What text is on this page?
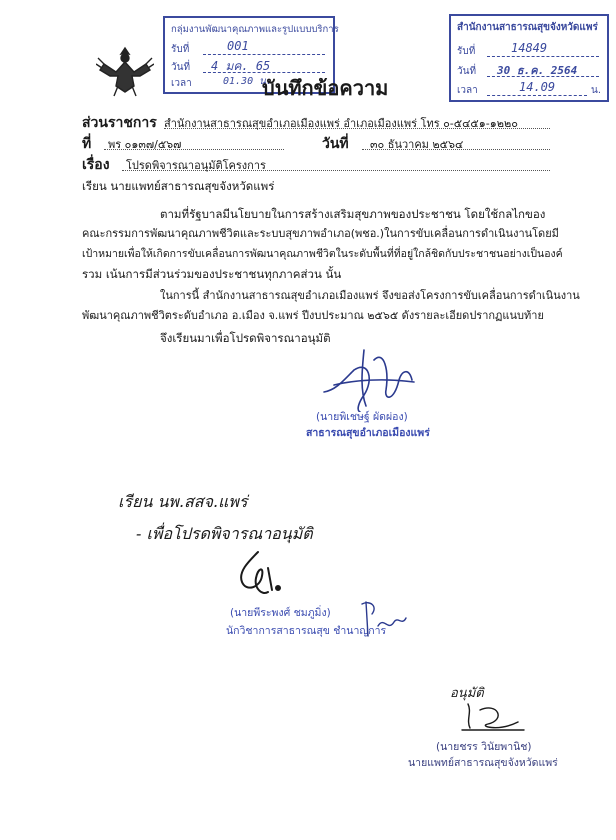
กลุ่มงานพัฒนาคุณภาพและรูปแบบบริการ
รับที่	001
วันที่ 4 มค. 65
เวลา	01.30 น.
สำนักงานสาธารณสุขจังหวัดแพร่
รับที่	14849
วันที่ 30 ธ.ค. 2564
เวลา	14.09	น.
บันทึกข้อความ
ส่วนราชการ สำนักงานสาธารณสุขอำเภอเมืองแพร่ อำเภอเมืองแพร่ โทร ๐-๕๔๕๑-๑๒๒๐
ที่ พร ๐๑๓๗/๕๖๗	วันที่ ๓๐ ธันวาคม ๒๕๖๔
เรื่อง โปรดพิจารณาอนุมัติโครงการ
เรียน นายแพทย์สาธารณสุขจังหวัดแพร่
ตามที่รัฐบาลมีนโยบายในการสร้างเสริมสุขภาพของประชาชน โดยใช้กลไกของ
คณะกรรมการพัฒนาคุณภาพชีวิตและระบบสุขภาพอำเภอ(พชอ.)ในการขับเคลื่อนการดำเนินงานโดยมี
เป้าหมายเพื่อให้เกิดการขับเคลื่อนการพัฒนาคุณภาพชีวิตในระดับพื้นที่ที่อยู่ใกล้ชิดกับประชาชนอย่างเป็นองค์
รวม เน้นการมีส่วนร่วมของประชาชนทุกภาคส่วน นั้น
ในการนี้ สำนักงานสาธารณสุขอำเภอเมืองแพร่ จึงขอส่งโครงการขับเคลื่อนการดำเนินงาน
พัฒนาคุณภาพชีวิตระดับอำเภอ อ.เมือง จ.แพร่ ปีงบประมาณ ๒๕๖๕ ดังรายละเอียดปรากฏแนบท้าย
จึงเรียนมาเพื่อโปรดพิจารณาอนุมัติ
(นายพิเชษฐ์ ผัดผ่อง)
สาธารณสุขอำเภอเมืองแพร่
เรียน นพ.สสจ.แพร่
- เพื่อโปรดพิจารณาอนุมัติ
(นายพีระพงศ์ ชมภูมิ่ง)
นักวิชาการสาธารณสุข ชำนาญการ
อนุมัติ
(นายชรร วินัยพานิช)
นายแพทย์สาธารณสุขจังหวัดแพร่
